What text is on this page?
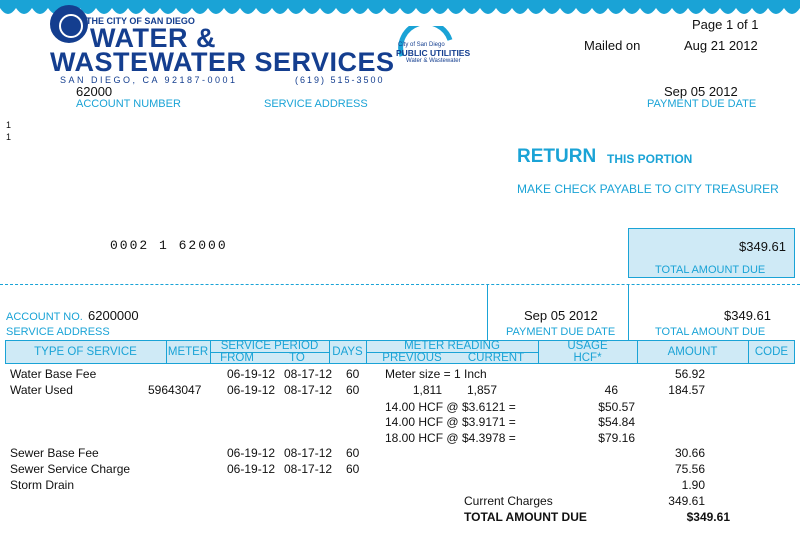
THE CITY OF SAN DIEGO
WATER &
WASTEWATER SERVICES
SAN DIEGO, CA 92187-0001	(619) 515-3500
City of San Diego
PUBLIC UTILITIES
Water & Wastewater
Page 1 of 1
Mailed on	Aug 21 2012
62000
ACCOUNT NUMBER	SERVICE ADDRESS
Sep 05 2012
PAYMENT DUE DATE
1
1
RETURN THIS PORTION
MAKE CHECK PAYABLE TO CITY TREASURER
0002 1 62000	$349.61
TOTAL AMOUNT DUE
ACCOUNT NO. 6200000
SERVICE ADDRESS
Sep 05 2012
PAYMENT DUE DATE
$349.61
TOTAL AMOUNT DUE
TYPE OF SERVICE	METER	SERVICE PERIOD
FROM	TO	DAYS	METER READING
PREVIOUS	CURRENT
USAGE
HCF*	AMOUNT	CODE
Water Base Fee	06-19-12 08-17-12 60 Meter size = 1 Inch	56.92
Water Used	59643047 06-19-12 08-17-12 60	1,811	1,857	46	184.57
14.00 HCF @ $3.6121 =	$50.57
14.00 HCF @ $3.9171 =	$54.84
18.00 HCF @ $4.3978 =	$79.16
Sewer Base Fee	06-19-12 08-17-12 60	30.66
Sewer Service Charge	06-19-12 08-17-12 60	75.56
Storm Drain	1.90
Current Charges	349.61
TOTAL AMOUNT DUE	$349.61
